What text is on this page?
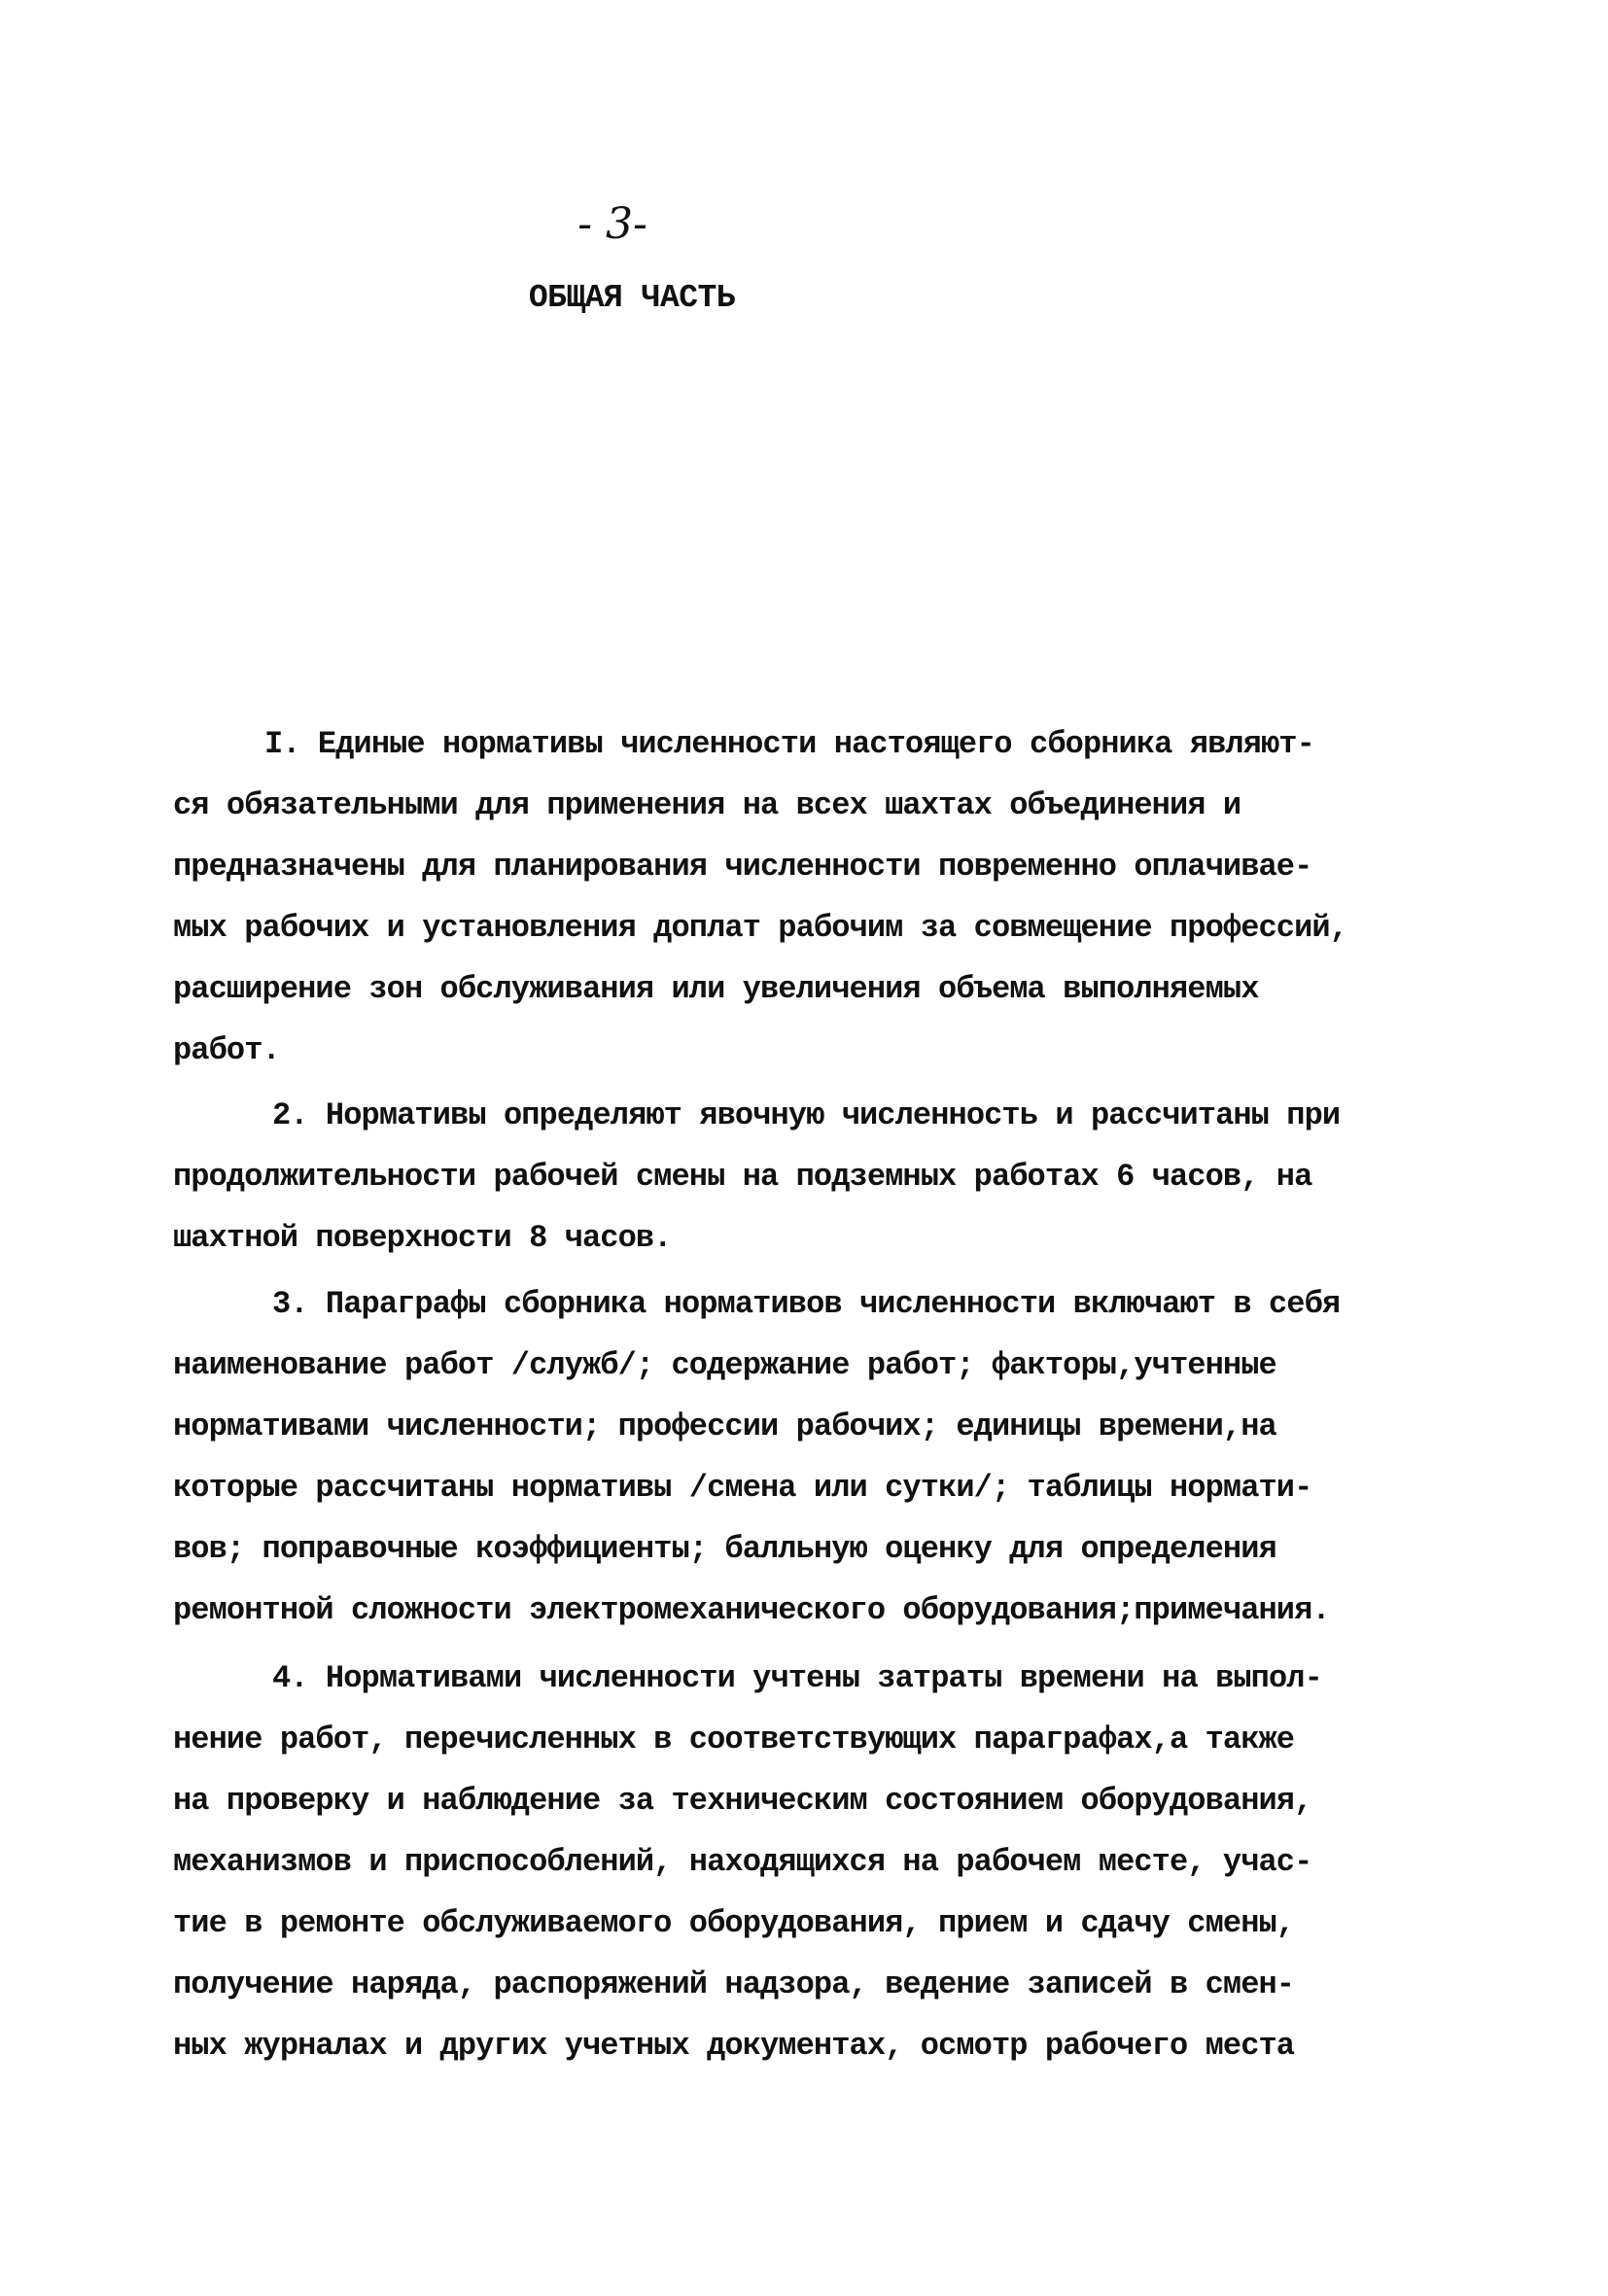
- 3-
ОБЩАЯ ЧАСТЬ
I. Единые нормативы численности настоящего сборника являют-
ся обязательными для применения на всех шахтах объединения и
предназначены для планирования численности повременно оплачивае-
мых рабочих и установления доплат рабочим за совмещение профессий,
расширение зон обслуживания или увеличения объема выполняемых
работ.
2. Нормативы определяют явочную численность и рассчитаны при
продолжительности рабочей смены на подземных работах 6 часов, на
шахтной поверхности 8 часов.
3. Параграфы сборника нормативов численности включают в себя
наименование работ /служб/; содержание работ; факторы,учтенные
нормативами численности; профессии рабочих; единицы времени,на
которые рассчитаны нормативы /смена или сутки/; таблицы нормати-
вов; поправочные коэффициенты; балльную оценку для определения
ремонтной сложности электромеханического оборудования;примечания.
4. Нормативами численности учтены затраты времени на выпол-
нение работ, перечисленных в соответствующих параграфах,а также
на проверку и наблюдение за техническим состоянием оборудования,
механизмов и приспособлений, находящихся на рабочем месте, учас-
тие в ремонте обслуживаемого оборудования, прием и сдачу смены,
получение наряда, распоряжений надзора, ведение записей в смен-
ных журналах и других учетных документах, осмотр рабочего места
